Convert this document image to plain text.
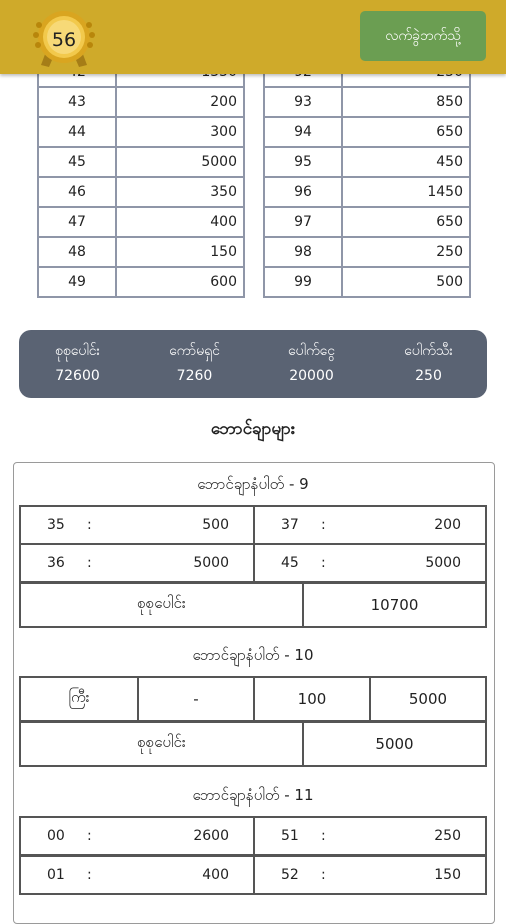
43	200
44	300
45	5000
46	350
47	400
48	150
49	600

93	850
94	650
95	450
96	1450
97	650
98	250
99	500
စုစုပေါင်း
72600
ကော်မရှင်
7260
ပေါက်ငွေ
20000
ပေါက်သီး
250
ဘောင်ချာများ
ဘောင်ချာနံပါတ် - 9
35	:	500	37	:	200
36	:	5000	45	:	5000
စုစုပေါင်း	10700
ဘောင်ချာနံပါတ် - 10
ကြီး	-	100	5000
စုစုပေါင်း	5000
ဘောင်ချာနံပါတ် - 11
00	:	2600	51	:	250
01	:	400	52	:	150
56	လက်ခွဲဘက်သို့
